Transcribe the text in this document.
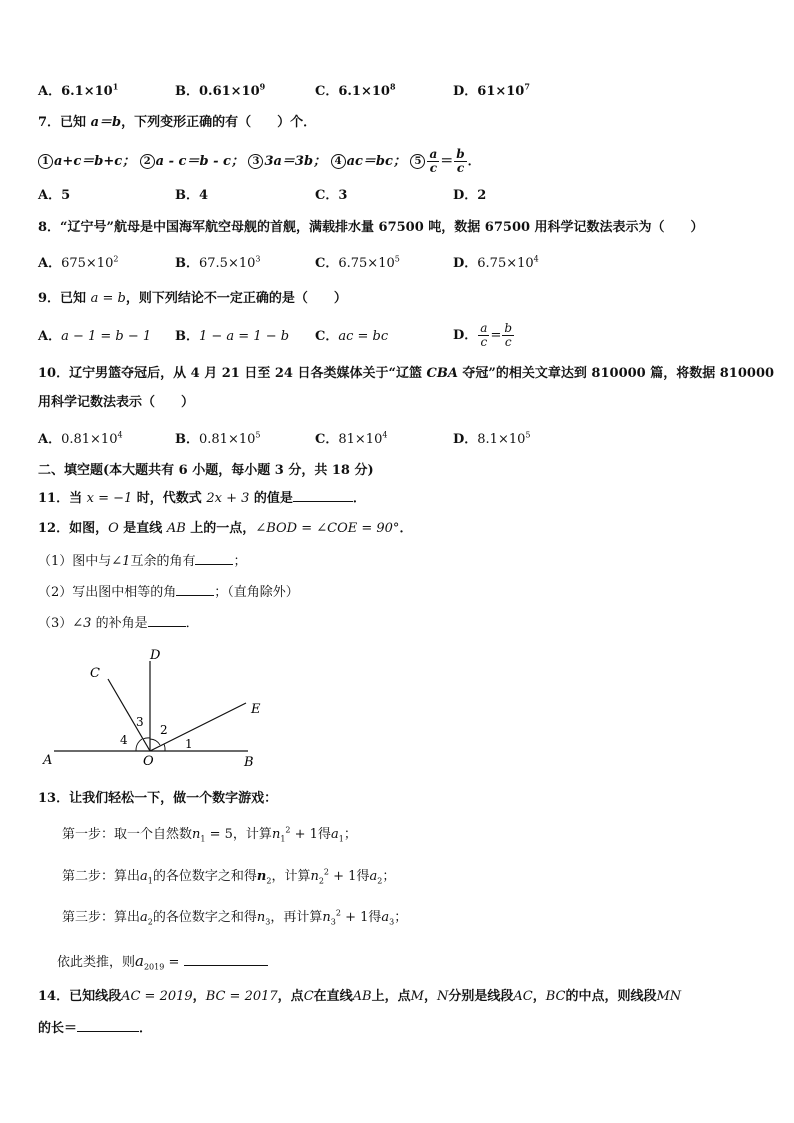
A．$6.1\times 10^1$	B．$0.61\times 10^9$	C．$6.1\times 10^8$	D．$61\times 10^7$
7．已知 a＝b，下列变形正确的有（　　）个．
1 a+c＝b+c； 2 a - c＝b - c； 3 3a＝3b； 4 ac＝bc； $5 \frac{a}{c} = \frac{b}{c}$ ．
A．5	B．4	C．3	D．2
8．“辽宁号”航母是中国海军航空母舰的首舰，满载排水量 67500 吨，数据 67500 用科学记数法表示为（　　）
A．$675\times 10^2$	B．$67.5\times 10^3$	C．$6.75\times 10^5$	D．$6.75\times 10^4$
9．已知 a = b，则下列结论不一定正确的是（　　）
A．a − 1 = b − 1 B．1 − a = 1 − b C．ac = bc	D． $\frac{a}{c} = \frac{b}{c}$
10．辽宁男篮夺冠后，从 4 月 21 日至 24 日各类媒体关于“辽篮 CBA 夺冠”的相关文章达到 810000 篇，将数据 810000
用科学记数法表示（　　）
A．$0.81\times 10^4$	B．$0.81\times 10^5$	C．$81\times 10^4$	D．$8.1\times 10^5$
二、填空题(本大题共有 6 小题，每小题 3 分，共 18 分)
11．当 x = −1 时，代数式 2x + 3 的值是	．
12．如图，O 是直线 AB 上的一点，∠BOD = ∠COE = 90°．
（1）图中与∠1互余的角有	；
（2）写出图中相等的角	；（直角除外）
（3）∠3 的补角是	．
A	B
C
D
E
O
1
2
3
4
13．让我们轻松一下，做一个数字游戏：
第一步：取一个自然数$n_1 = 5$，计算$n_1^2 + 1$得$a_1$；
第二步：算出$a_1$的各位数字之和得$n_2$，计算$n_2^2 + 1$得$a_2$；
第三步：算出$a_2$的各位数字之和得$n_3$，再计算$n_3^2 + 1$得$a_3$；
依此类推，则$a_{2019}$ =
14．已知线段AC = 2019，BC = 2017，点C在直线AB上，点M，N分别是线段AC，BC的中点，则线段MN
的长＝	．
